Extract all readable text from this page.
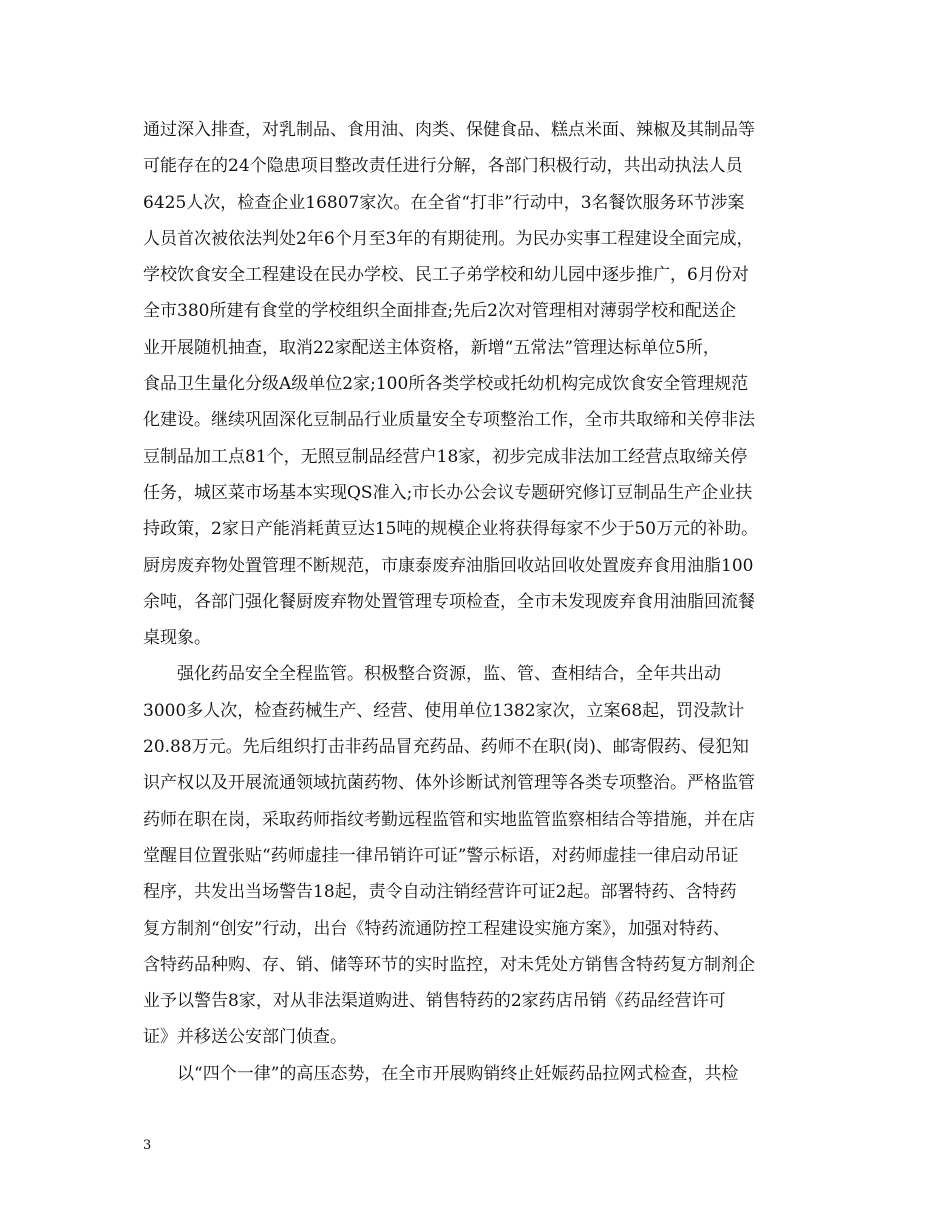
通过深入排查，对乳制品、食用油、肉类、保健食品、糕点米面、辣椒及其制品等
可能存在的24个隐患项目整改责任进行分解，各部门积极行动，共出动执法人员
6425人次，检查企业16807家次。在全省“打非”行动中，3名餐饮服务环节涉案
人员首次被依法判处2年6个月至3年的有期徒刑。为民办实事工程建设全面完成，
学校饮食安全工程建设在民办学校、民工子弟学校和幼儿园中逐步推广，6月份对
全市380所建有食堂的学校组织全面排查;先后2次对管理相对薄弱学校和配送企
业开展随机抽查，取消22家配送主体资格，新增“五常法”管理达标单位5所，
食品卫生量化分级A级单位2家;100所各类学校或托幼机构完成饮食安全管理规范
化建设。继续巩固深化豆制品行业质量安全专项整治工作，全市共取缔和关停非法
豆制品加工点81个，无照豆制品经营户18家，初步完成非法加工经营点取缔关停
任务，城区菜市场基本实现QS准入;市长办公会议专题研究修订豆制品生产企业扶
持政策，2家日产能消耗黄豆达15吨的规模企业将获得每家不少于50万元的补助。
厨房废弃物处置管理不断规范，市康泰废弃油脂回收站回收处置废弃食用油脂100
余吨，各部门强化餐厨废弃物处置管理专项检查，全市未发现废弃食用油脂回流餐
桌现象。
　　强化药品安全全程监管。积极整合资源，监、管、查相结合，全年共出动
3000多人次，检查药械生产、经营、使用单位1382家次，立案68起，罚没款计
20.88万元。先后组织打击非药品冒充药品、药师不在职(岗)、邮寄假药、侵犯知
识产权以及开展流通领域抗菌药物、体外诊断试剂管理等各类专项整治。严格监管
药师在职在岗，采取药师指纹考勤远程监管和实地监管监察相结合等措施，并在店
堂醒目位置张贴“药师虚挂一律吊销许可证”警示标语，对药师虚挂一律启动吊证
程序，共发出当场警告18起，责令自动注销经营许可证2起。部署特药、含特药
复方制剂“创安”行动，出台《特药流通防控工程建设实施方案》，加强对特药、
含特药品种购、存、销、储等环节的实时监控，对未凭处方销售含特药复方制剂企
业予以警告8家，对从非法渠道购进、销售特药的2家药店吊销《药品经营许可
证》并移送公安部门侦查。
　　以“四个一律”的高压态势，在全市开展购销终止妊娠药品拉网式检查，共检
3
